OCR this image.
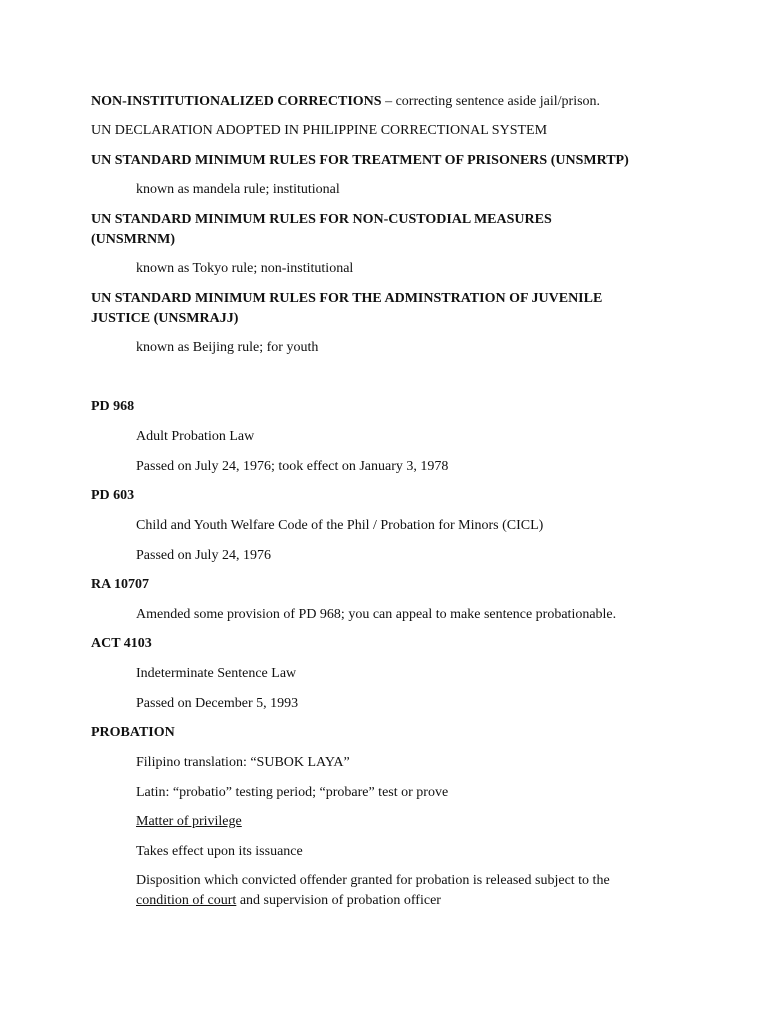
NON-INSTITUTIONALIZED CORRECTIONS – correcting sentence aside jail/prison.
UN DECLARATION ADOPTED IN PHILIPPINE CORRECTIONAL SYSTEM
UN STANDARD MINIMUM RULES FOR TREATMENT OF PRISONERS (UNSMRTP)
known as mandela rule; institutional
UN STANDARD MINIMUM RULES FOR NON-CUSTODIAL MEASURES
(UNSMRNM)
known as Tokyo rule; non-institutional
UN STANDARD MINIMUM RULES FOR THE ADMINSTRATION OF JUVENILE
JUSTICE (UNSMRAJJ)
known as Beijing rule; for youth
PD 968
Adult Probation Law
Passed on July 24, 1976; took effect on January 3, 1978
PD 603
Child and Youth Welfare Code of the Phil / Probation for Minors (CICL)
Passed on July 24, 1976
RA 10707
Amended some provision of PD 968; you can appeal to make sentence probationable.
ACT 4103
Indeterminate Sentence Law
Passed on December 5, 1993
PROBATION
Filipino translation: “SUBOK LAYA”
Latin: “probatio” testing period; “probare” test or prove
Matter of privilege
Takes effect upon its issuance
Disposition which convicted offender granted for probation is released subject to the
condition of court and supervision of probation officer
